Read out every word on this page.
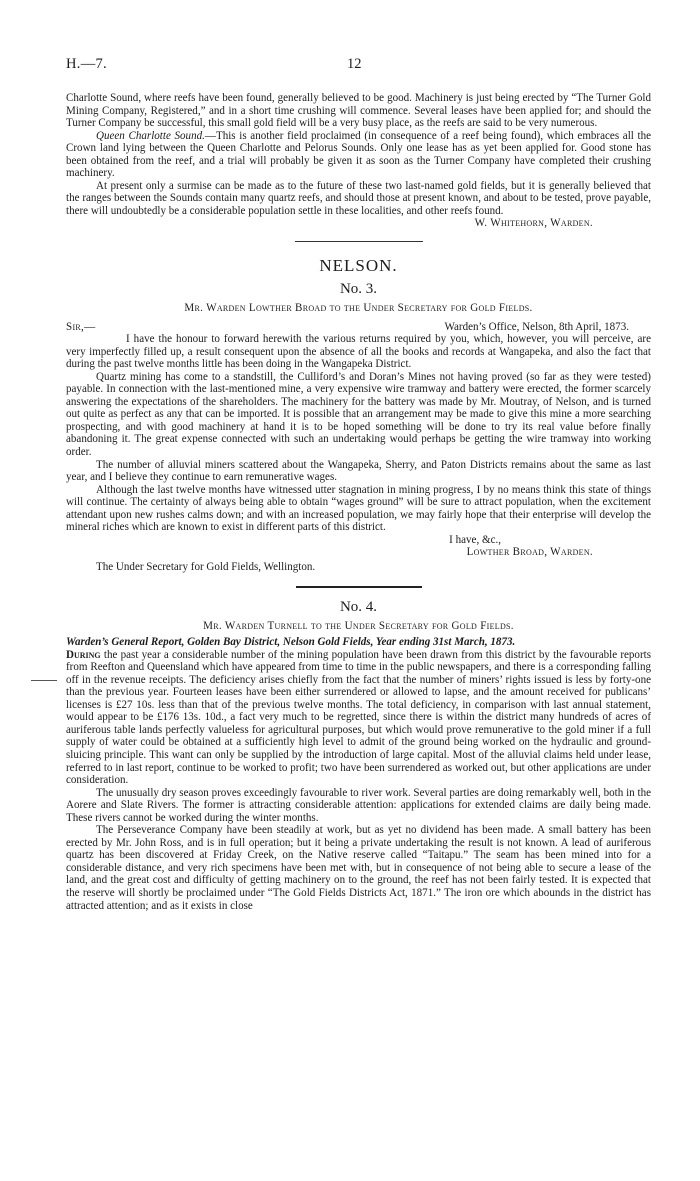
H.—7.	12

Charlotte Sound, where reefs have been found, generally believed to be good. Machinery is just being erected by “The Turner Gold Mining Company, Registered,” and in a short time crushing will commence. Several leases have been applied for; and should the Turner Company be successful, this small gold field will be a very busy place, as the reefs are said to be very numerous.

Queen Charlotte Sound.—This is another field proclaimed (in consequence of a reef being found), which embraces all the Crown land lying between the Queen Charlotte and Pelorus Sounds. Only one lease has as yet been applied for. Good stone has been obtained from the reef, and a trial will probably be given it as soon as the Turner Company have completed their crushing machinery.

At present only a surmise can be made as to the future of these two last-named gold fields, but it is generally believed that the ranges between the Sounds contain many quartz reefs, and should those at present known, and about to be tested, prove payable, there will undoubtedly be a considerable population settle in these localities, and other reefs found.

W. Whitehorn, Warden.
NELSON.
No. 3.
Mr. Warden Lowther Broad to the Under Secretary for Gold Fields.
Sir,—	Warden’s Office, Nelson, 8th April, 1873.

I have the honour to forward herewith the various returns required by you, which, however, you will perceive, are very imperfectly filled up, a result consequent upon the absence of all the books and records at Wangapeka, and also the fact that during the past twelve months little has been doing in the Wangapeka District.

Quartz mining has come to a standstill, the Culliford’s and Doran’s Mines not having proved (so far as they were tested) payable. In connection with the last-mentioned mine, a very expensive wire tramway and battery were erected, the former scarcely answering the expectations of the shareholders. The machinery for the battery was made by Mr. Moutray, of Nelson, and is turned out quite as perfect as any that can be imported. It is possible that an arrangement may be made to give this mine a more searching prospecting, and with good machinery at hand it is to be hoped something will be done to try its real value before finally abandoning it. The great expense connected with such an undertaking would perhaps be getting the wire tramway into working order.

The number of alluvial miners scattered about the Wangapeka, Sherry, and Paton Districts remains about the same as last year, and I believe they continue to earn remunerative wages.

Although the last twelve months have witnessed utter stagnation in mining progress, I by no means think this state of things will continue. The certainty of always being able to obtain “wages ground” will be sure to attract population, when the excitement attendant upon new rushes calms down; and with an increased population, we may fairly hope that their enterprise will develop the mineral riches which are known to exist in different parts of this district.

I have, &c.,
Lowther Broad, Warden.
The Under Secretary for Gold Fields, Wellington.
No. 4.
Mr. Warden Turnell to the Under Secretary for Gold Fields.
Warden’s General Report, Golden Bay District, Nelson Gold Fields, Year ending 31st March, 1873.

During the past year a considerable number of the mining population have been drawn from this district by the favourable reports from Reefton and Queensland which have appeared from time to time in the public newspapers, and there is a corresponding falling off in the revenue receipts. The deficiency arises chiefly from the fact that the number of miners’ rights issued is less by forty-one than the previous year. Fourteen leases have been either surrendered or allowed to lapse, and the amount received for publicans’ licenses is £27 10s. less than that of the previous twelve months. The total deficiency, in comparison with last annual statement, would appear to be £176 13s. 10d., a fact very much to be regretted, since there is within the district many hundreds of acres of auriferous table lands perfectly valueless for agricultural purposes, but which would prove remunerative to the gold miner if a full supply of water could be obtained at a sufficiently high level to admit of the ground being worked on the hydraulic and ground-sluicing principle. This want can only be supplied by the introduction of large capital. Most of the alluvial claims held under lease, referred to in last report, continue to be worked to profit; two have been surrendered as worked out, but other applications are under consideration.

The unusually dry season proves exceedingly favourable to river work. Several parties are doing remarkably well, both in the Aorere and Slate Rivers. The former is attracting considerable attention: applications for extended claims are daily being made. These rivers cannot be worked during the winter months.

The Perseverance Company have been steadily at work, but as yet no dividend has been made. A small battery has been erected by Mr. John Ross, and is in full operation; but it being a private undertaking the result is not known. A lead of auriferous quartz has been discovered at Friday Creek, on the Native reserve called “Taitapu.” The seam has been mined into for a considerable distance, and very rich specimens have been met with, but in consequence of not being able to secure a lease of the land, and the great cost and difficulty of getting machinery on to the ground, the reef has not been fairly tested. It is expected that the reserve will shortly be proclaimed under “The Gold Fields Districts Act, 1871.” The iron ore which abounds in the district has attracted attention; and as it exists in close
